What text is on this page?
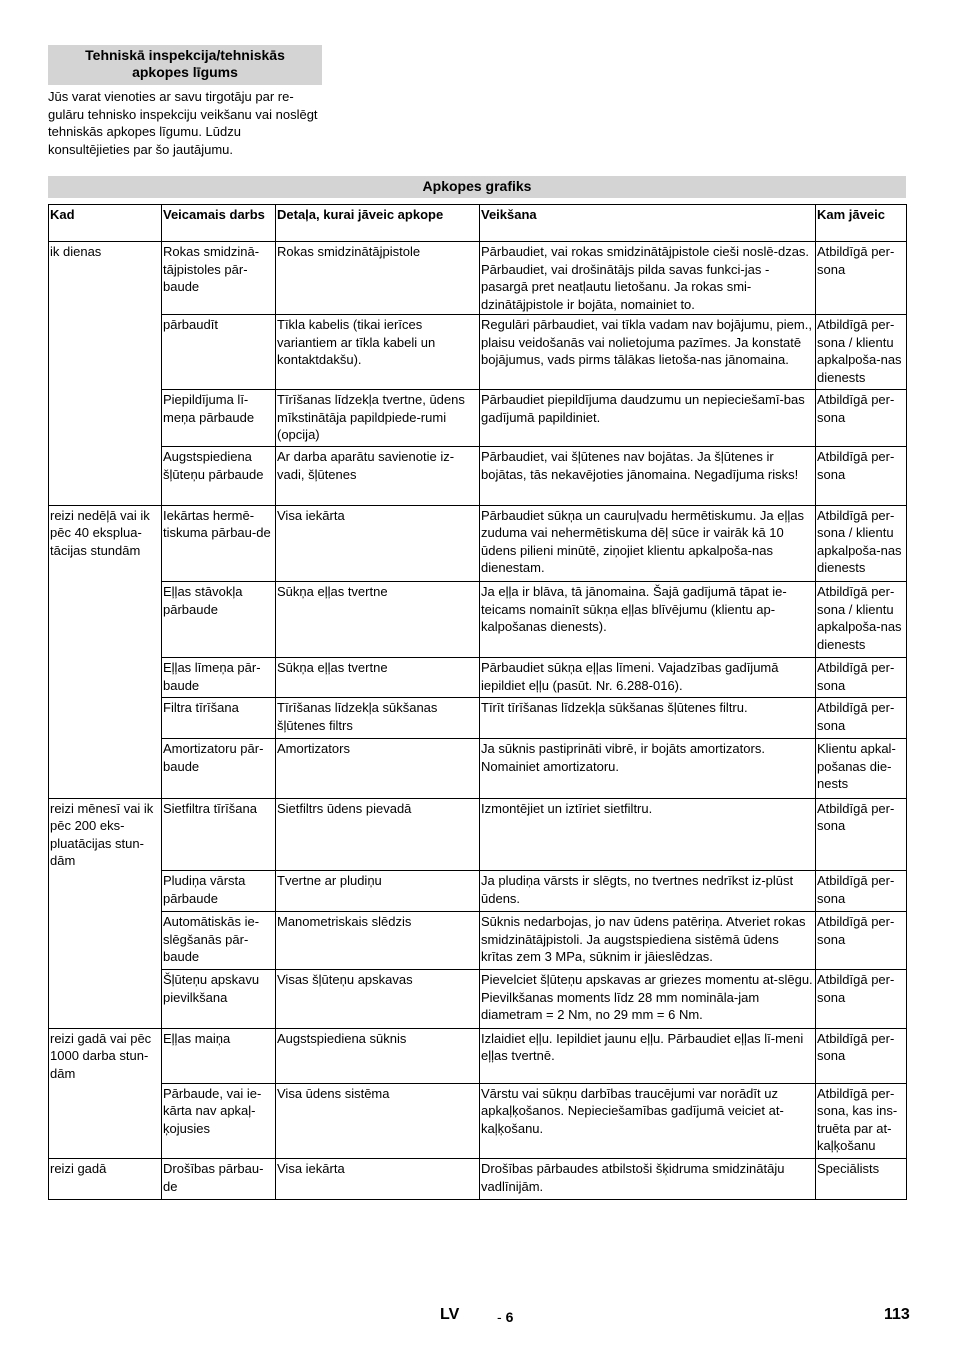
Tehniskā inspekcija/tehniskās
apkopes līgums
Jūs varat vienoties ar savu tirgotāju par re-gulāru tehnisko inspekciju veikšanu vai noslēgt tehniskās apkopes līgumu. Lūdzu konsultējieties par šo jautājumu.
Apkopes grafiks
Kad	Veicamais darbs	Detaļa, kurai jāveic apkope	Veikšana	Kam jāveic
ik dienas	Rokas smidzinā-tājpistoles pār-baude	Rokas smidzinātājpistole	Pārbaudiet, vai rokas smidzinātājpistole cieši noslē-dzas. Pārbaudiet, vai drošinātājs pilda savas funkci-jas - pasargā pret neatļautu lietošanu. Ja rokas smi-dzinātājpistole ir bojāta, nomainiet to.	Atbildīgā per-sona
	pārbaudīt	Tīkla kabelis (tikai ierīces variantiem ar tīkla kabeli un kontaktdakšu).	Regulāri pārbaudiet, vai tīkla vadam nav bojājumu, piem., plaisu veidošanās vai nolietojuma pazīmes. Ja konstatē bojājumus, vads pirms tālākas lietoša-nas jānomaina.	Atbildīgā per-sona / klientu apkalpoša-nas dienests
	Piepildījuma lī-meņa pārbaude	Tīrīšanas līdzekļa tvertne, ūdens mīkstinātāja papildpiede-rumi (opcija)	Pārbaudiet piepildījuma daudzumu un nepieciešamī-bas gadījumā papildiniet.	Atbildīgā per-sona
	Augstspiediena šļūteņu pārbaude	Ar darba aparātu savienotie iz-vadi, šļūtenes	Pārbaudiet, vai šļūtenes nav bojātas. Ja šļūtenes ir bojātas, tās nekavējoties jānomaina. Negadījuma risks!	Atbildīgā per-sona
reizi nedēļā vai ik pēc 40 eksplua-tācijas stundām	Iekārtas hermē-tiskuma pārbau-de	Visa iekārta	Pārbaudiet sūkņa un cauruļvadu hermētiskumu. Ja eļļas zuduma vai nehermētiskuma dēļ sūce ir vairāk kā 10 ūdens pilieni minūtē, ziņojiet klientu apkalpoša-nas dienestam.	Atbildīgā per-sona / klientu apkalpoša-nas dienests
	Eļļas stāvokļa pārbaude	Sūkņa eļļas tvertne	Ja eļļa ir blāva, tā jānomaina. Šajā gadījumā tāpat ie-teicams nomainīt sūkņa eļļas blīvējumu (klientu ap-kalpošanas dienests).	Atbildīgā per-sona / klientu apkalpoša-nas dienests
	Eļļas līmeņa pār-baude	Sūkņa eļļas tvertne	Pārbaudiet sūkņa eļļas līmeni. Vajadzības gadījumā iepildiet eļļu (pasūt. Nr. 6.288-016).	Atbildīgā per-sona
	Filtra tīrīšana	Tīrīšanas līdzekļa sūkšanas šļūtenes filtrs	Tīrīt tīrīšanas līdzekļa sūkšanas šļūtenes filtru.	Atbildīgā per-sona
	Amortizatoru pār-baude	Amortizators	Ja sūknis pastiprināti vibrē, ir bojāts amortizators. Nomainiet amortizatoru.	Klientu apkal-pošanas die-nests
reizi mēnesī vai ik pēc 200 eks-pluatācijas stun-dām	Sietfiltra tīrīšana	Sietfiltrs ūdens pievadā	Izmontējiet un iztīriet sietfiltru.	Atbildīgā per-sona
	Pludiņa vārsta pārbaude	Tvertne ar pludiņu	Ja pludiņa vārsts ir slēgts, no tvertnes nedrīkst iz-plūst ūdens.	Atbildīgā per-sona
	Automātiskās ie-slēgšanās pār-baude	Manometriskais slēdzis	Sūknis nedarbojas, jo nav ūdens patēriņa. Atveriet rokas smidzinātājpistoli. Ja augstspiediena sistēmā ūdens krītas zem 3 MPa, sūknim ir jāieslēdzas.	Atbildīgā per-sona
	Šļūteņu apskavu pievilkšana	Visas šļūteņu apskavas	Pievelciet šļūteņu apskavas ar griezes momentu at-slēgu. Pievilkšanas moments līdz 28 mm nomināla-jam diametram = 2 Nm, no 29 mm = 6 Nm.	Atbildīgā per-sona
reizi gadā vai pēc 1000 darba stun-dām	Eļļas maiņa	Augstspiediena sūknis	Izlaidiet eļļu. Iepildiet jaunu eļļu. Pārbaudiet eļļas lī-meni eļļas tvertnē.	Atbildīgā per-sona
	Pārbaude, vai ie-kārta nav apkaļ-ķojusies	Visa ūdens sistēma	Vārstu vai sūkņu darbības traucējumi var norādīt uz apkaļķošanos. Nepieciešamības gadījumā veiciet at-kaļķošanu.	Atbildīgā per-sona, kas ins-truēta par at-kaļķošanu
reizi gadā	Drošības pārbau-de	Visa iekārta	Drošības pārbaudes atbilstoši šķidruma smidzinātāju vadlīnijām.	Speciālists
LV	- 6	113
